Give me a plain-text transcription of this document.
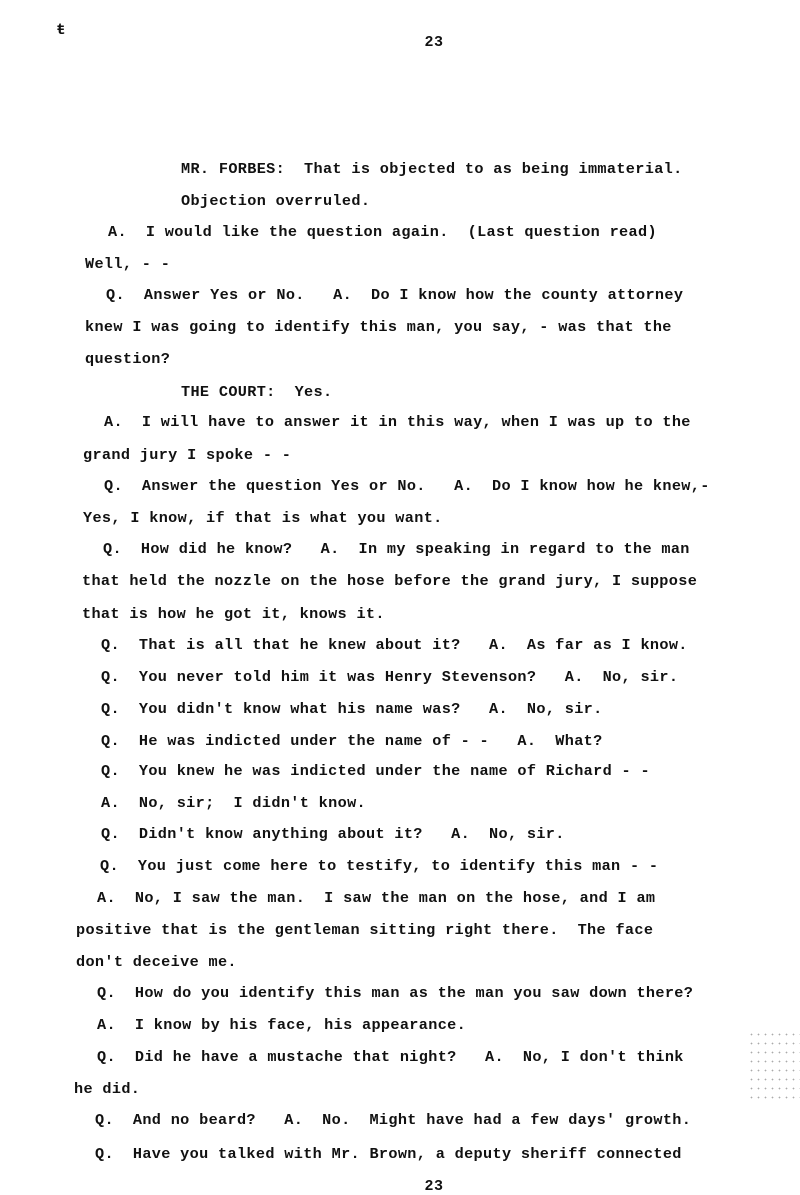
ŧ
23
MR. FORBES:  That is objected to as being immaterial.
Objection overruled.
A.  I would like the question again.  (Last question read)
Well, - -
Q.  Answer Yes or No.   A.  Do I know how the county attorney
knew I was going to identify this man, you say, - was that the
question?
THE COURT:  Yes.
A.  I will have to answer it in this way, when I was up to the
grand jury I spoke - -
Q.  Answer the question Yes or No.   A.  Do I know how he knew,-
Yes, I know, if that is what you want.
Q.  How did he know?   A.  In my speaking in regard to the man
that held the nozzle on the hose before the grand jury, I suppose
that is how he got it, knows it.
Q.  That is all that he knew about it?   A.  As far as I know.
Q.  You never told him it was Henry Stevenson?   A.  No, sir.
Q.  You didn't know what his name was?   A.  No, sir.
Q.  He was indicted under the name of - -   A.  What?
Q.  You knew he was indicted under the name of Richard - -
A.  No, sir;  I didn't know.
Q.  Didn't know anything about it?   A.  No, sir.
Q.  You just come here to testify, to identify this man - -
A.  No, I saw the man.  I saw the man on the hose, and I am
positive that is the gentleman sitting right there.  The face
don't deceive me.
Q.  How do you identify this man as the man you saw down there?
A.  I know by his face, his appearance.
Q.  Did he have a mustache that night?   A.  No, I don't think
he did.
Q.  And no beard?   A.  No.  Might have had a few days' growth.
Q.  Have you talked with Mr. Brown, a deputy sheriff connected
23
